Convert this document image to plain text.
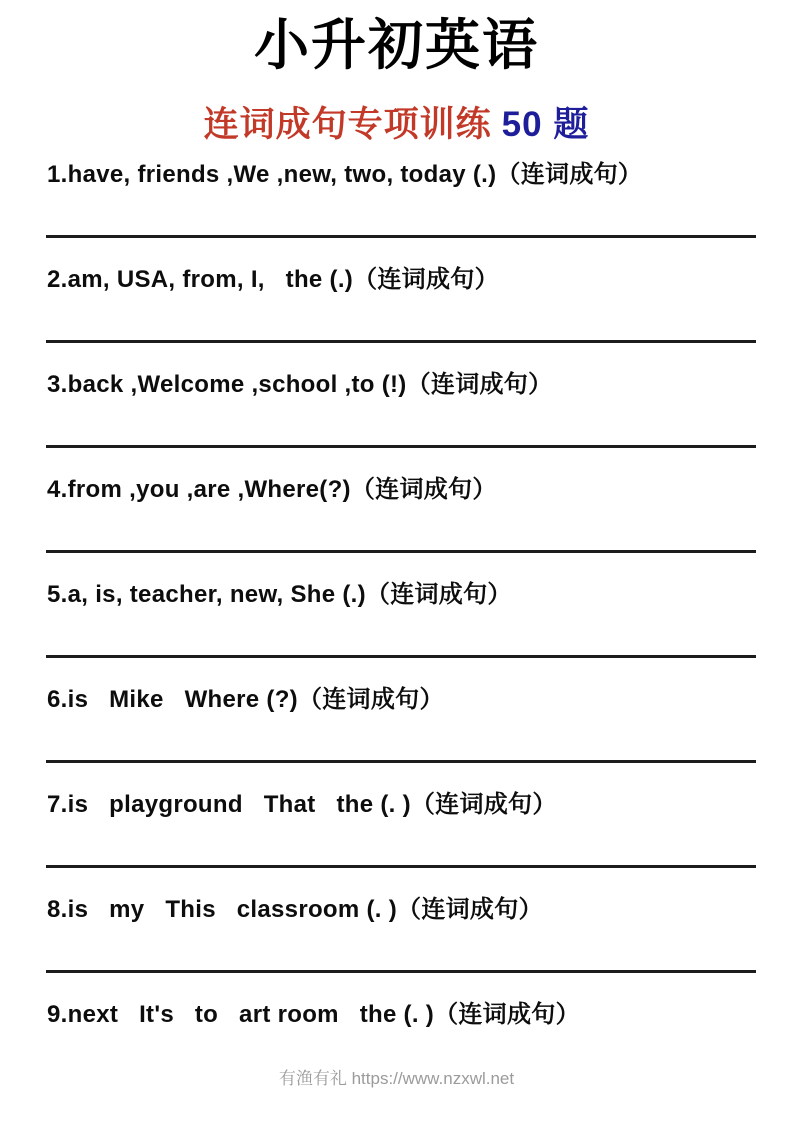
小升初英语
连词成句专项训练 50 题
1.have, friends ,We ,new, two, today (.)（连词成句）
2.am, USA, from, I,   the (.)（连词成句）
3.back ,Welcome ,school ,to (!)（连词成句）
4.from ,you ,are ,Where(?)（连词成句）
5.a, is, teacher, new, She (.)（连词成句）
6.is   Mike   Where (?)（连词成句）
7.is   playground   That   the (. )（连词成句）
8.is   my   This   classroom (. )（连词成句）
9.next   It's   to   art room   the (. )（连词成句）
有渔有礼 https://www.nzxwl.net
